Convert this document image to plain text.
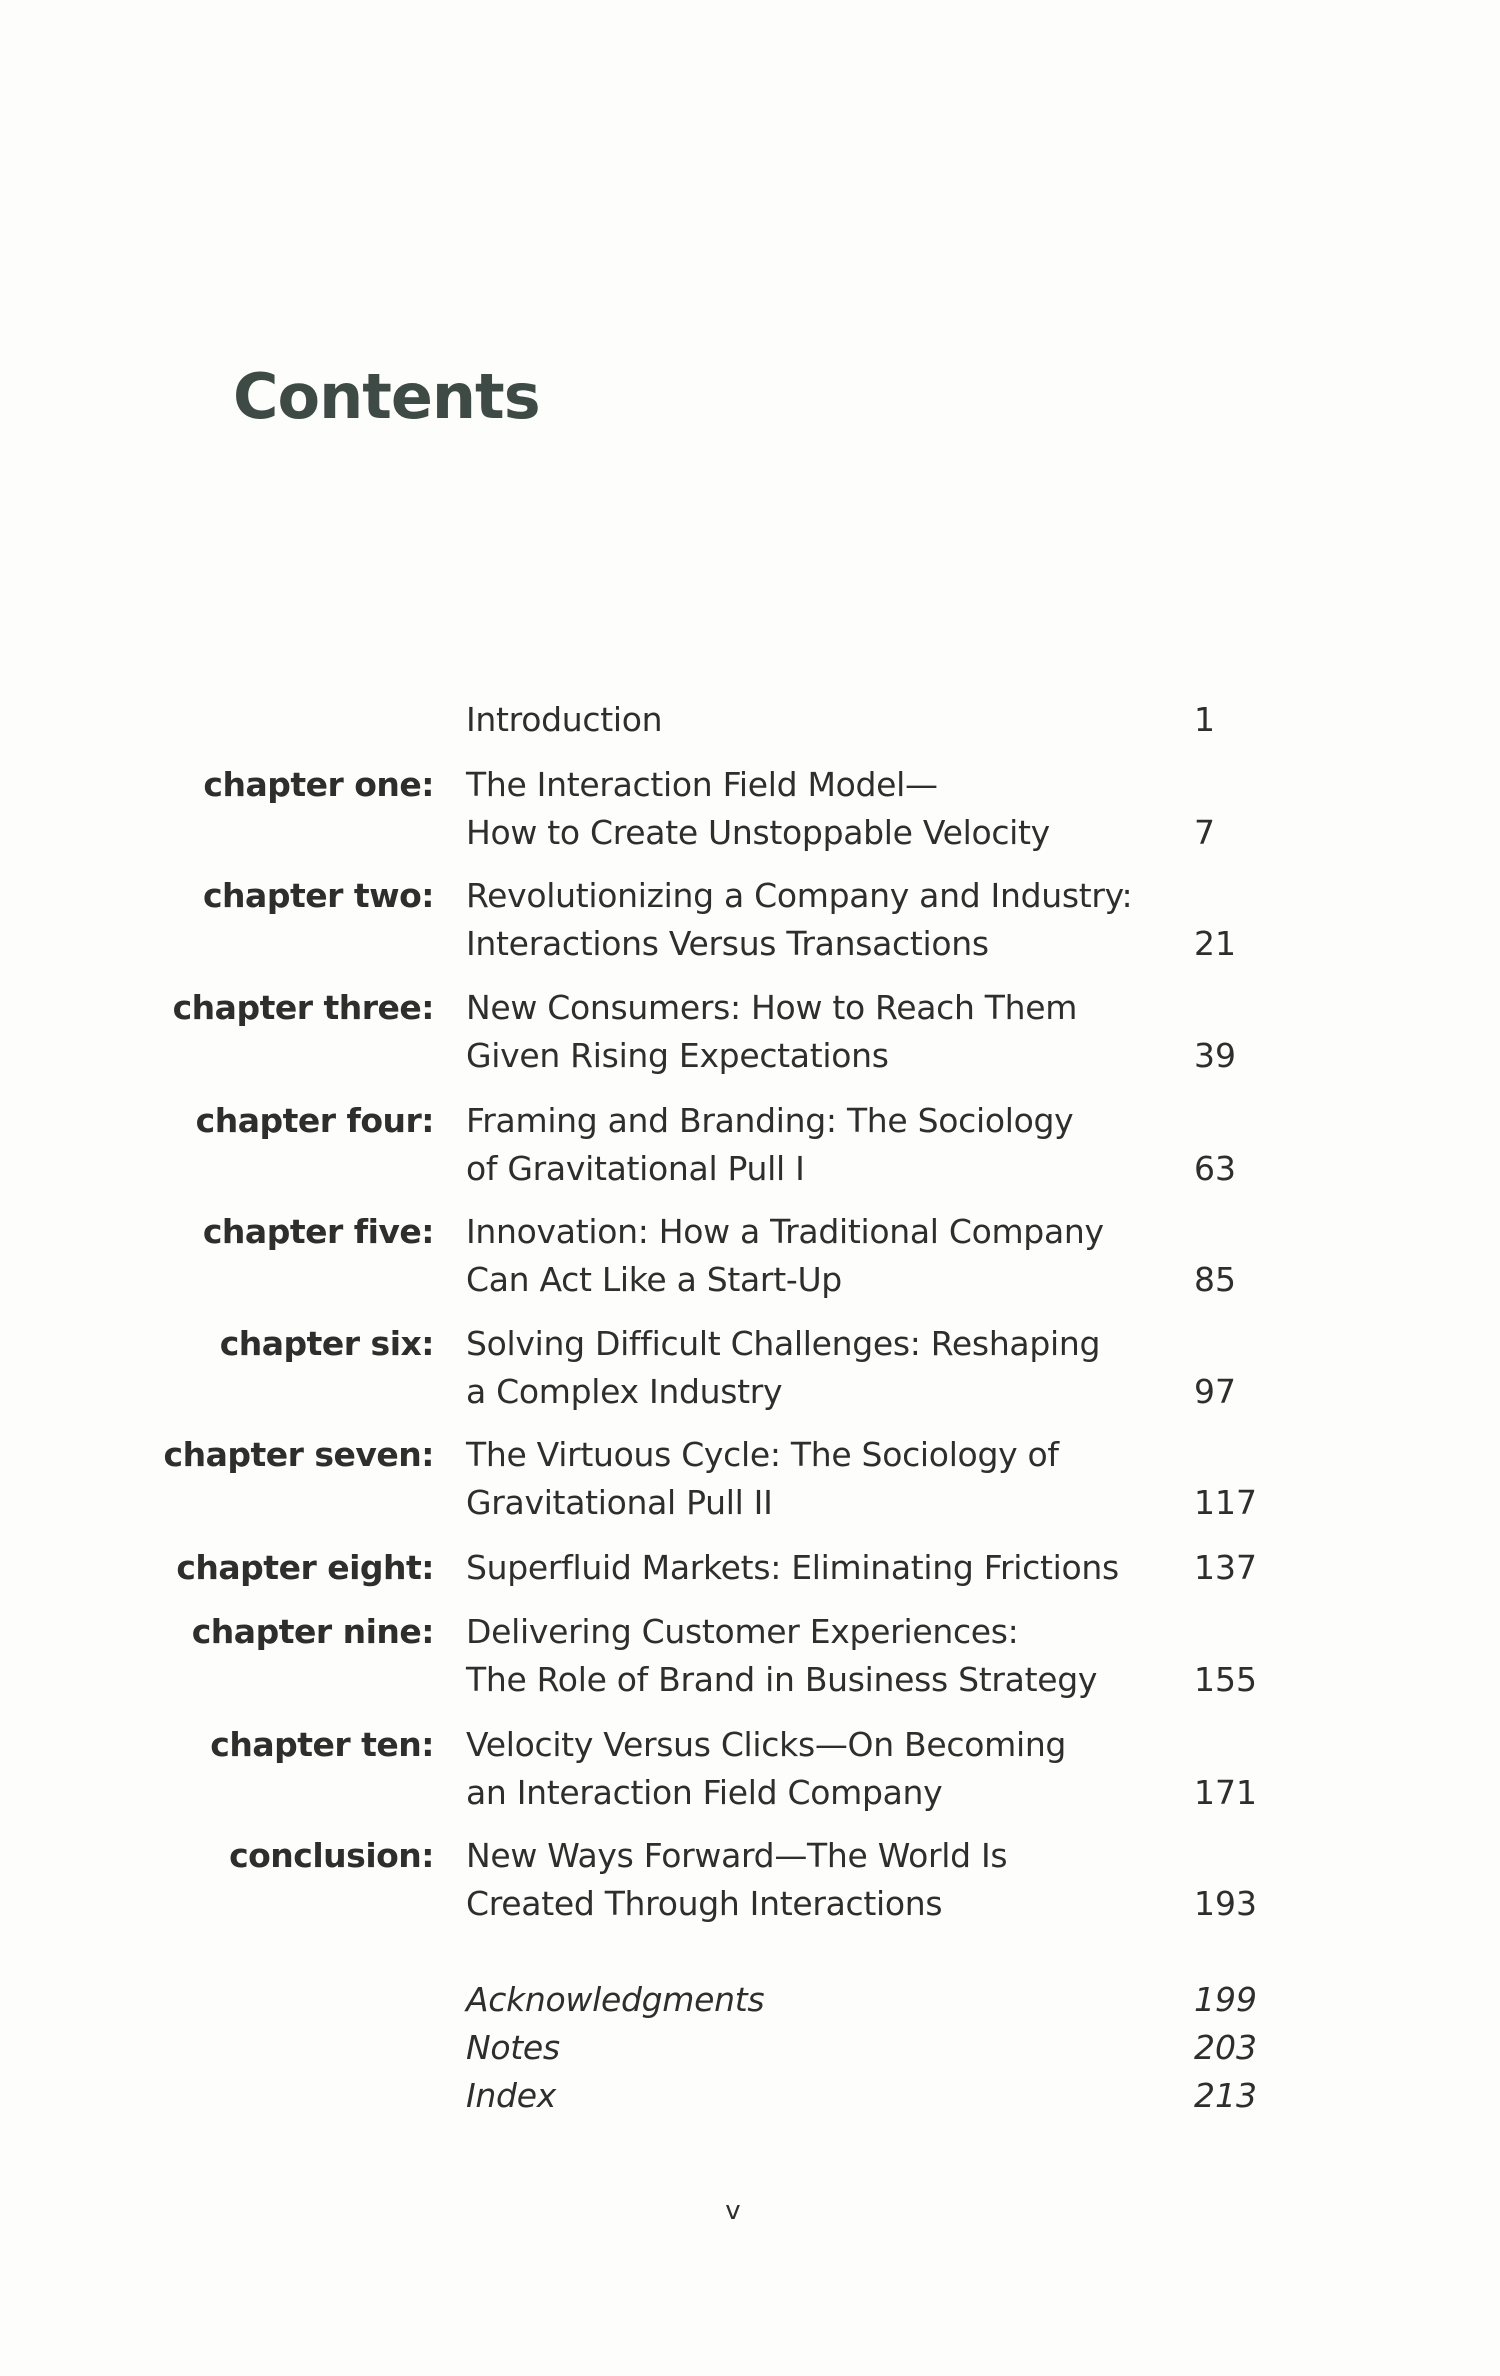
Contents
Introduction	1
chapter one: The Interaction Field Model—
How to Create Unstoppable Velocity	7
chapter two: Revolutionizing a Company and Industry:
Interactions Versus Transactions	21
chapter three: New Consumers: How to Reach Them
Given Rising Expectations	39
chapter four: Framing and Branding: The Sociology
of Gravitational Pull I	63
chapter five: Innovation: How a Traditional Company
Can Act Like a Start-Up	85
chapter six: Solving Difficult Challenges: Reshaping
a Complex Industry	97
chapter seven: The Virtuous Cycle: The Sociology of
Gravitational Pull II	117
chapter eight: Superfluid Markets: Eliminating Frictions 137
chapter nine: Delivering Customer Experiences:
The Role of Brand in Business Strategy	155
chapter ten: Velocity Versus Clicks—On Becoming
an Interaction Field Company	171
conclusion: New Ways Forward—The World Is
Created Through Interactions	193
Acknowledgments	199
Notes	203
Index	213
v
